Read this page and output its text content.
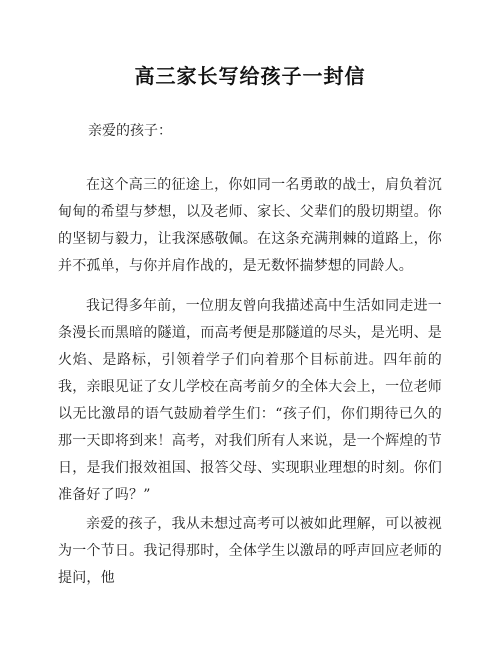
高三家长写给孩子一封信

亲爱的孩子：

在这个高三的征途上，你如同一名勇敢的战士，肩负着沉甸甸的希望与梦想，以及老师、家长、父辈们的殷切期望。你的坚韧与毅力，让我深感敬佩。在这条充满荆棘的道路上，你并不孤单，与你并肩作战的，是无数怀揣梦想的同龄人。

我记得多年前，一位朋友曾向我描述高中生活如同走进一条漫长而黑暗的隧道，而高考便是那隧道的尽头，是光明、是火焰、是路标，引领着学子们向着那个目标前进。四年前的我，亲眼见证了女儿学校在高考前夕的全体大会上，一位老师以无比激昂的语气鼓励着学生们：“孩子们，你们期待已久的那一天即将到来！高考，对我们所有人来说，是一个辉煌的节日，是我们报效祖国、报答父母、实现职业理想的时刻。你们准备好了吗？”

亲爱的孩子，我从未想过高考可以被如此理解，可以被视为一个节日。我记得那时，全体学生以激昂的呼声回应老师的提问，他
